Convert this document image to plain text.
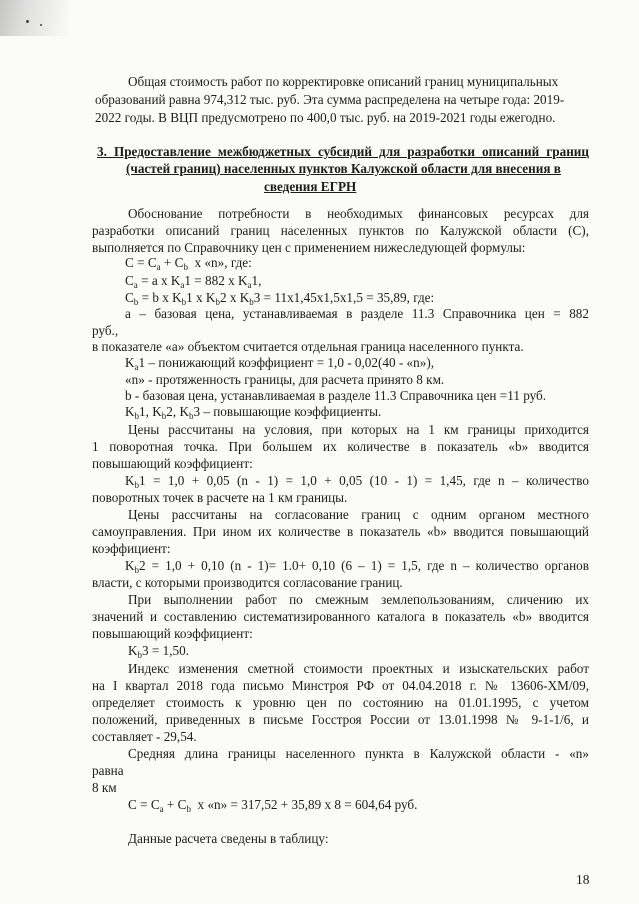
Общая стоимость работ по корректировке описаний границ муниципальных
образований равна 974,312 тыс. руб. Эта сумма распределена на четыре года: 2019-
2022 годы. В ВЦП предусмотрено по 400,0 тыс. руб. на 2019-2021 годы ежегодно.
3. Предоставление межбюджетных субсидий для разработки описаний границ
(частей границ) населенных пунктов Калужской области для внесения в
сведения ЕГРН
Обоснование потребности в необходимых финансовых ресурсах для
разработки описаний границ населенных пунктов по Калужской области (С),
выполняется по Справочнику цен с применением нижеследующей формулы:
$С = C_a + C_b$  x «n», где:
$C_a = a$ x $K_a1 = 882$ x $K_a1$,
$C_b = b$ x $K_b1$ x $K_b2$ x $K_b3 = 11x1,45x1,5x1,5 = 35,89$, где:
a – базовая цена, устанавливаемая в разделе 11.3 Справочника цен = 882
руб.,
в показателе «a» объектом считается отдельная граница населенного пункта.
$K_a1$ – понижающий коэффициент = 1,0 - 0,02(40 - «n»),
«n» - протяженность границы, для расчета принято 8 км.
b - базовая цена, устанавливаемая в разделе 11.3 Справочника цен =11 руб.
$K_b1$, $K_b2$, $K_b3$ – повышающие коэффициенты.
Цены рассчитаны на условия, при которых на 1 км границы приходится
1 поворотная точка. При большем их количестве в показатель «b» вводится
повышающий коэффициент:
$K_b1 = 1,0 + 0,05$ (n - 1) = 1,0 + 0,05 (10 - 1) = 1,45, где n – количество
поворотных точек в расчете на 1 км границы.
Цены рассчитаны на согласование границ с одним органом местного
самоуправления. При ином их количестве в показатель «b» вводится повышающий
коэффициент:
$K_b2 = 1,0 + 0,10$ (n - 1)= 1.0+ 0,10 (6 – 1) = 1,5, где n – количество органов
власти, с которыми производится согласование границ.
При выполнении работ по смежным землепользованиям, сличению их
значений и составлению систематизированного каталога в показатель «b» вводится
повышающий коэффициент:
$K_b3 = 1,50$.
Индекс изменения сметной стоимости проектных и изыскательских работ
на I квартал 2018 года письмо Минстроя РФ от 04.04.2018 г. № 13606-ХМ/09,
определяет стоимость к уровню цен по состоянию на 01.01.1995, с учетом
положений, приведенных в письме Госстроя России от 13.01.1998 № 9-1-1/6, и
составляет - 29,54.
Средняя длина границы населенного пункта в Калужской области - «n»
равна
8 км
$С = C_a + C_b$  x «n» = 317,52 + 35,89 x 8 = 604,64 руб.
Данные расчета сведены в таблицу:
18
